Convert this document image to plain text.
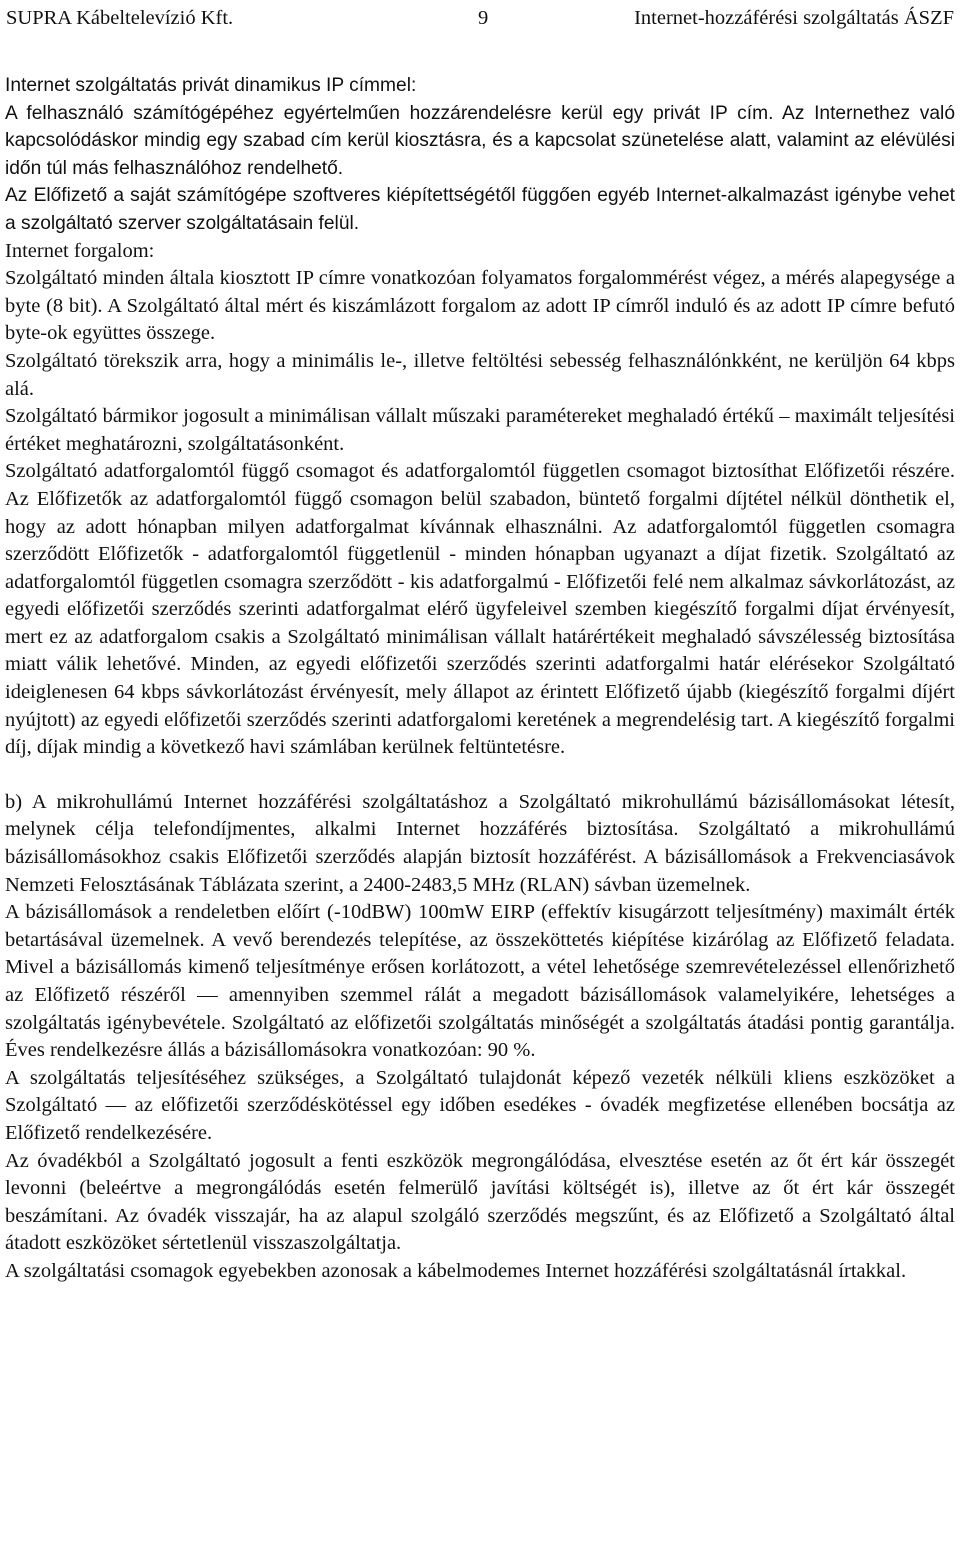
SUPRA Kábeltelevízió Kft.	9	Internet-hozzáférési szolgáltatás ÁSZF

Internet szolgáltatás privát dinamikus IP címmel:

A felhasználó számítógépéhez egyértelműen hozzárendelésre kerül egy privát IP cím. Az Internethez való kapcsolódáskor mindig egy szabad cím kerül kiosztásra, és a kapcsolat szünetelése alatt, valamint az elévülési időn túl más felhasználóhoz rendelhető.

Az Előfizető a saját számítógépe szoftveres kiépítettségétől függően egyéb Internet-alkalmazást igénybe vehet a szolgáltató szerver szolgáltatásain felül.

Internet forgalom:

Szolgáltató minden általa kiosztott IP címre vonatkozóan folyamatos forgalommérést végez, a mérés alapegysége a byte (8 bit). A Szolgáltató által mért és kiszámlázott forgalom az adott IP címről induló és az adott IP címre befutó byte-ok együttes összege.

Szolgáltató törekszik arra, hogy a minimális le-, illetve feltöltési sebesség felhasználónkként, ne kerüljön 64 kbps alá.

Szolgáltató bármikor jogosult a minimálisan vállalt műszaki paramétereket meghaladó értékű – maximált teljesítési értéket meghatározni, szolgáltatásonként.

Szolgáltató adatforgalomtól függő csomagot és adatforgalomtól független csomagot biztosíthat Előfizetői részére. Az Előfizetők az adatforgalomtól függő csomagon belül szabadon, büntető forgalmi díjtétel nélkül dönthetik el, hogy az adott hónapban milyen adatforgalmat kívánnak elhasználni. Az adatforgalomtól független csomagra szerződött Előfizetők - adatforgalomtól függetlenül - minden hónapban ugyanazt a díjat fizetik. Szolgáltató az adatforgalomtól független csomagra szerződött - kis adatforgalmú - Előfizetői felé nem alkalmaz sávkorlátozást, az egyedi előfizetői szerződés szerinti adatforgalmat elérő ügyfeleivel szemben kiegészítő forgalmi díjat érvényesít, mert ez az adatforgalom csakis a Szolgáltató minimálisan vállalt határértékeit meghaladó sávszélesség biztosítása miatt válik lehetővé. Minden, az egyedi előfizetői szerződés szerinti adatforgalmi határ elérésekor Szolgáltató ideiglenesen 64 kbps sávkorlátozást érvényesít, mely állapot az érintett Előfizető újabb (kiegészítő forgalmi díjért nyújtott) az egyedi előfizetői szerződés szerinti adatforgalomi keretének a megrendelésig tart. A kiegészítő forgalmi díj, díjak mindig a következő havi számlában kerülnek feltüntetésre.

b) A mikrohullámú Internet hozzáférési szolgáltatáshoz a Szolgáltató mikrohullámú bázisállomásokat létesít, melynek célja telefondíjmentes, alkalmi Internet hozzáférés biztosítása. Szolgáltató a mikrohullámú bázisállomásokhoz csakis Előfizetői szerződés alapján biztosít hozzáférést. A bázisállomások a Frekvenciasávok Nemzeti Felosztásának Táblázata szerint, a 2400-2483,5 MHz (RLAN) sávban üzemelnek.

A bázisállomások a rendeletben előírt (-10dBW) 100mW EIRP (effektív kisugárzott teljesítmény) maximált érték betartásával üzemelnek. A vevő berendezés telepítése, az összeköttetés kiépítése kizárólag az Előfizető feladata. Mivel a bázisállomás kimenő teljesítménye erősen korlátozott, a vétel lehetősége szemrevételezéssel ellenőrizhető az Előfizető részéről — amennyiben szemmel rálát a megadott bázisállomások valamelyikére, lehetséges a szolgáltatás igénybevétele. Szolgáltató az előfizetői szolgáltatás minőségét a szolgáltatás átadási pontig garantálja. Éves rendelkezésre állás a bázisállomásokra vonatkozóan: 90 %.

A szolgáltatás teljesítéséhez szükséges, a Szolgáltató tulajdonát képező vezeték nélküli kliens eszközöket a Szolgáltató — az előfizetői szerződéskötéssel egy időben esedékes - óvadék megfizetése ellenében bocsátja az Előfizető rendelkezésére.

Az óvadékból a Szolgáltató jogosult a fenti eszközök megrongálódása, elvesztése esetén az őt ért kár összegét levonni (beleértve a megrongálódás esetén felmerülő javítási költségét is), illetve az őt ért kár összegét beszámítani. Az óvadék visszajár, ha az alapul szolgáló szerződés megszűnt, és az Előfizető a Szolgáltató által átadott eszközöket sértetlenül visszaszolgáltatja.

A szolgáltatási csomagok egyebekben azonosak a kábelmodemes Internet hozzáférési szolgáltatásnál írtakkal.
